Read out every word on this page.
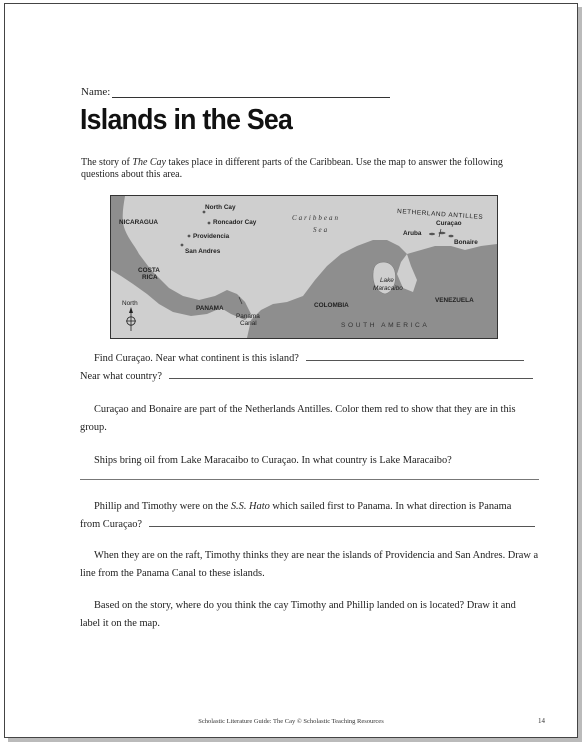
Name:
Islands in the Sea
The story of The Cay takes place in different parts of the Caribbean. Use the map to answer the following questions about this area.
NICARAGUA
COSTA
RICA
PANAMA
Panama
Canal
COLOMBIA
VENEZUELA
Lake
Maracaibo
SOUTH AMERICA
Caribbean
Sea
North Cay
Roncador Cay
Providencia
San Andres
NETHERLAND ANTILLES
Curaçao
Aruba
Bonaire
North
Find Curaçao. Near what continent is this island?
Near what country?
Curaçao and Bonaire are part of the Netherlands Antilles. Color them red to show that they are in this group.
Ships bring oil from Lake Maracaibo to Curaçao. In what country is Lake Maracaibo?
Phillip and Timothy were on the S.S. Hato which sailed first to Panama. In what direction is Panama
from Curaçao?
When they are on the raft, Timothy thinks they are near the islands of Providencia and San Andres. Draw a line from the Panama Canal to these islands.
Based on the story, where do you think the cay Timothy and Phillip landed on is located? Draw it and label it on the map.
Scholastic Literature Guide: The Cay © Scholastic Teaching Resources	14
